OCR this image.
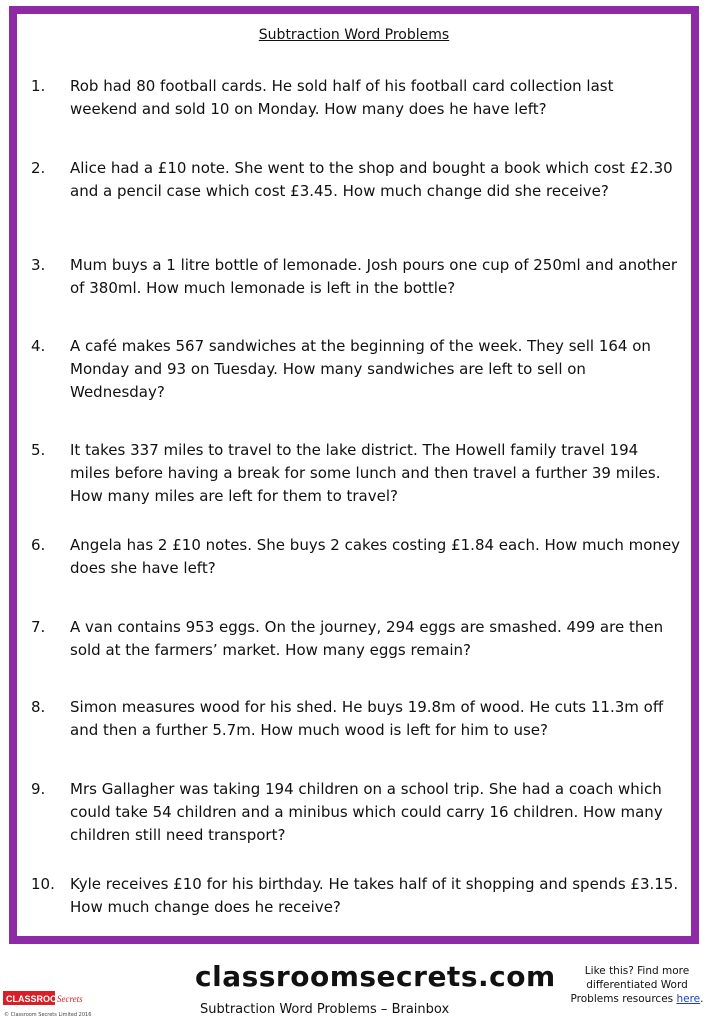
Subtraction Word Problems
1.	Rob had 80 football cards. He sold half of his football card collection last weekend and sold 10 on Monday. How many does he have left?
2.	Alice had a £10 note. She went to the shop and bought a book which cost £2.30 and a pencil case which cost £3.45. How much change did she receive?
3.	Mum buys a 1 litre bottle of lemonade. Josh pours one cup of 250ml and another of 380ml. How much lemonade is left in the bottle?
4.	A café makes 567 sandwiches at the beginning of the week. They sell 164 on Monday and 93 on Tuesday. How many sandwiches are left to sell on Wednesday?
5.	It takes 337 miles to travel to the lake district. The Howell family travel 194 miles before having a break for some lunch and then travel a further 39 miles. How many miles are left for them to travel?
6.	Angela has 2 £10 notes. She buys 2 cakes costing £1.84 each. How much money does she have left?
7.	A van contains 953 eggs. On the journey, 294 eggs are smashed. 499 are then sold at the farmers’ market. How many eggs remain?
8.	Simon measures wood for his shed. He buys 19.8m of wood. He cuts 11.3m off and then a further 5.7m. How much wood is left for him to use?
9.	Mrs Gallagher was taking 194 children on a school trip. She had a coach which could take 54 children and a minibus which could carry 16 children. How many children still need transport?
10.	Kyle receives £10 for his birthday. He takes half of it shopping and spends £3.15. How much change does he receive?
CLASSROOM
Secrets
© Classroom Secrets Limited 2016
classroomsecrets.com
Subtraction Word Problems – Brainbox
Like this? Find more differentiated Word Problems resources here.
